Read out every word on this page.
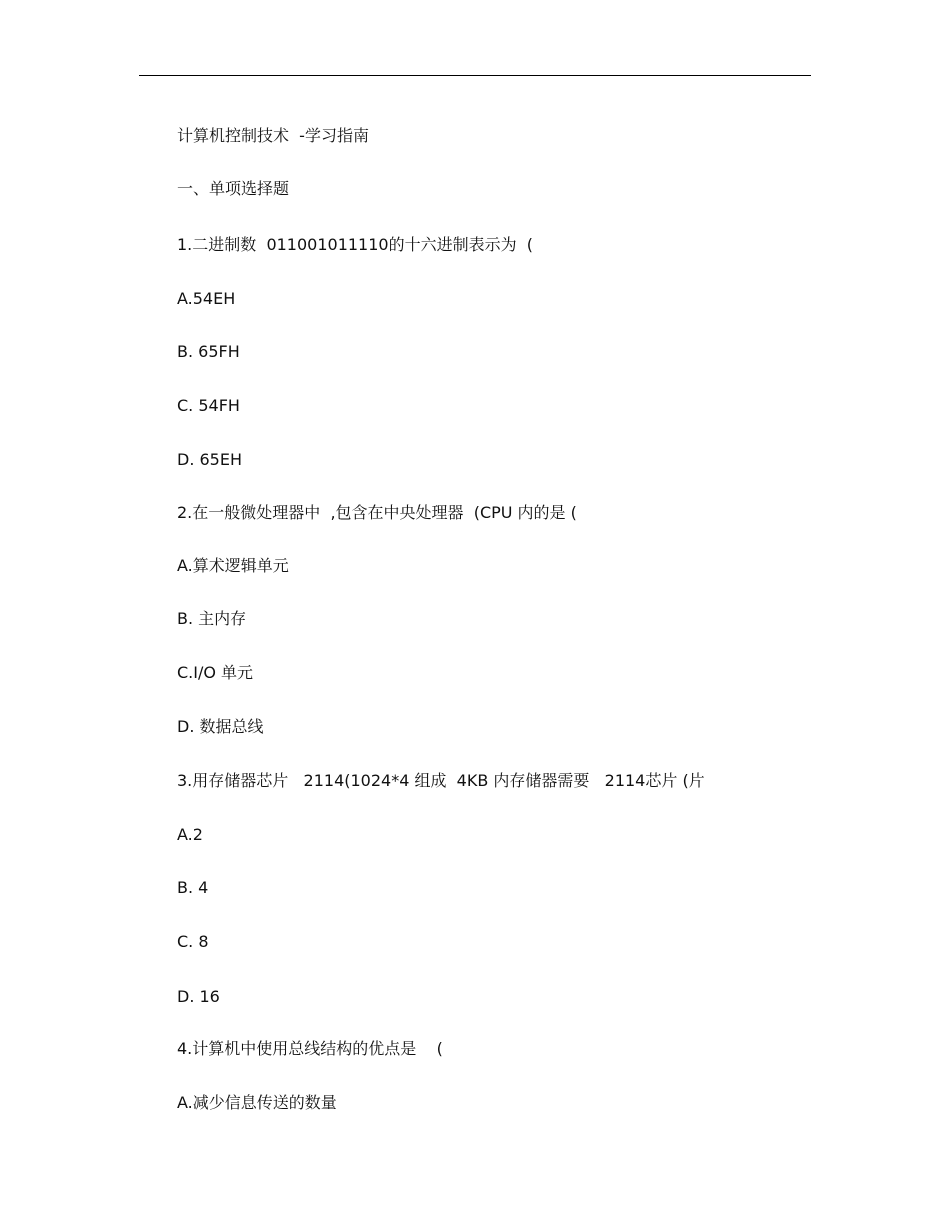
计算机控制技术  -学习指南
一、单项选择题
1.二进制数  011001011110的十六进制表示为  (
A.54EH
B. 65FH
C. 54FH
D. 65EH
2.在一般微处理器中  ,包含在中央处理器  (CPU 内的是 (
A.算术逻辑单元
B. 主内存
C.I/O 单元
D. 数据总线
3.用存储器芯片   2114(1024*4 组成  4KB 内存储器需要   2114芯片 (片
A.2
B. 4
C. 8
D. 16
4.计算机中使用总线结构的优点是    (
A.减少信息传送的数量
